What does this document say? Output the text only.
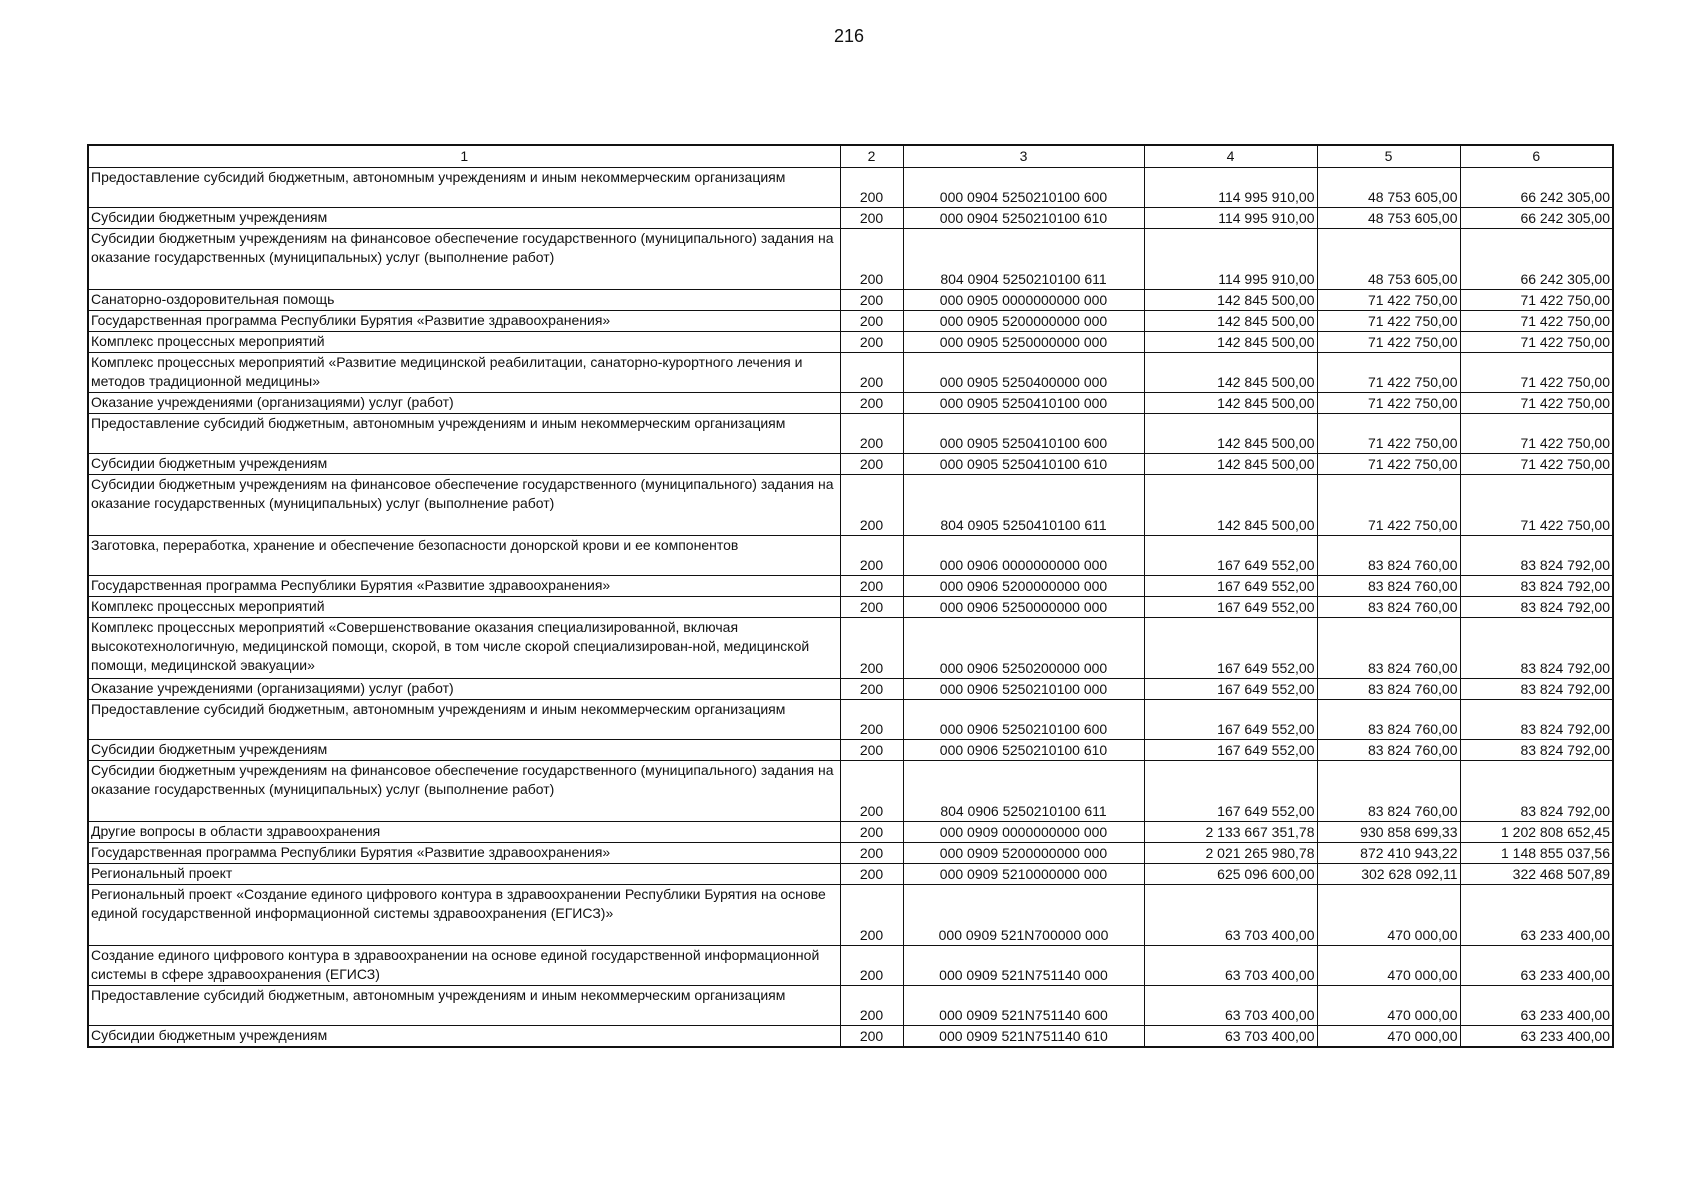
216
1	2	3	4	5	6
Предоставление субсидий бюджетным, автономным учреждениям и иным некоммерческим организациям	200	000 0904 5250210100 600	114 995 910,00	48 753 605,00	66 242 305,00
Субсидии бюджетным учреждениям	200	000 0904 5250210100 610	114 995 910,00	48 753 605,00	66 242 305,00
Субсидии бюджетным учреждениям на финансовое обеспечение государственного (муниципального) задания на оказание государственных (муниципальных) услуг (выполнение работ)	200	804 0904 5250210100 611	114 995 910,00	48 753 605,00	66 242 305,00
Санаторно-оздоровительная помощь	200	000 0905 0000000000 000	142 845 500,00	71 422 750,00	71 422 750,00
Государственная программа Республики Бурятия «Развитие здравоохранения»	200	000 0905 5200000000 000	142 845 500,00	71 422 750,00	71 422 750,00
Комплекс процессных мероприятий	200	000 0905 5250000000 000	142 845 500,00	71 422 750,00	71 422 750,00
Комплекс процессных мероприятий «Развитие медицинской реабилитации, санаторно-курортного лечения и методов традиционной медицины»	200	000 0905 5250400000 000	142 845 500,00	71 422 750,00	71 422 750,00
Оказание учреждениями (организациями) услуг (работ)	200	000 0905 5250410100 000	142 845 500,00	71 422 750,00	71 422 750,00
Предоставление субсидий бюджетным, автономным учреждениям и иным некоммерческим организациям	200	000 0905 5250410100 600	142 845 500,00	71 422 750,00	71 422 750,00
Субсидии бюджетным учреждениям	200	000 0905 5250410100 610	142 845 500,00	71 422 750,00	71 422 750,00
Субсидии бюджетным учреждениям на финансовое обеспечение государственного (муниципального) задания на оказание государственных (муниципальных) услуг (выполнение работ)	200	804 0905 5250410100 611	142 845 500,00	71 422 750,00	71 422 750,00
Заготовка, переработка, хранение и обеспечение безопасности донорской крови и ее компонентов	200	000 0906 0000000000 000	167 649 552,00	83 824 760,00	83 824 792,00
Государственная программа Республики Бурятия «Развитие здравоохранения»	200	000 0906 5200000000 000	167 649 552,00	83 824 760,00	83 824 792,00
Комплекс процессных мероприятий	200	000 0906 5250000000 000	167 649 552,00	83 824 760,00	83 824 792,00
Комплекс процессных мероприятий «Совершенствование оказания специализированной, включая высокотехнологичную, медицинской помощи, скорой, в том числе скорой специализирован-ной, медицинской помощи, медицинской эвакуации»	200	000 0906 5250200000 000	167 649 552,00	83 824 760,00	83 824 792,00
Оказание учреждениями (организациями) услуг (работ)	200	000 0906 5250210100 000	167 649 552,00	83 824 760,00	83 824 792,00
Предоставление субсидий бюджетным, автономным учреждениям и иным некоммерческим организациям	200	000 0906 5250210100 600	167 649 552,00	83 824 760,00	83 824 792,00
Субсидии бюджетным учреждениям	200	000 0906 5250210100 610	167 649 552,00	83 824 760,00	83 824 792,00
Субсидии бюджетным учреждениям на финансовое обеспечение государственного (муниципального) задания на оказание государственных (муниципальных) услуг (выполнение работ)	200	804 0906 5250210100 611	167 649 552,00	83 824 760,00	83 824 792,00
Другие вопросы в области здравоохранения	200	000 0909 0000000000 000	2 133 667 351,78	930 858 699,33	1 202 808 652,45
Государственная программа Республики Бурятия «Развитие здравоохранения»	200	000 0909 5200000000 000	2 021 265 980,78	872 410 943,22	1 148 855 037,56
Региональный проект	200	000 0909 5210000000 000	625 096 600,00	302 628 092,11	322 468 507,89
Региональный проект «Создание единого цифрового контура в здравоохранении Республики Бурятия на основе единой государственной информационной системы здравоохранения (ЕГИСЗ)»	200	000 0909 521N700000 000	63 703 400,00	470 000,00	63 233 400,00
Создание единого цифрового контура в здравоохранении на основе единой государственной информационной системы в сфере здравоохранения (ЕГИСЗ)	200	000 0909 521N751140 000	63 703 400,00	470 000,00	63 233 400,00
Предоставление субсидий бюджетным, автономным учреждениям и иным некоммерческим организациям	200	000 0909 521N751140 600	63 703 400,00	470 000,00	63 233 400,00
Субсидии бюджетным учреждениям	200	000 0909 521N751140 610	63 703 400,00	470 000,00	63 233 400,00
